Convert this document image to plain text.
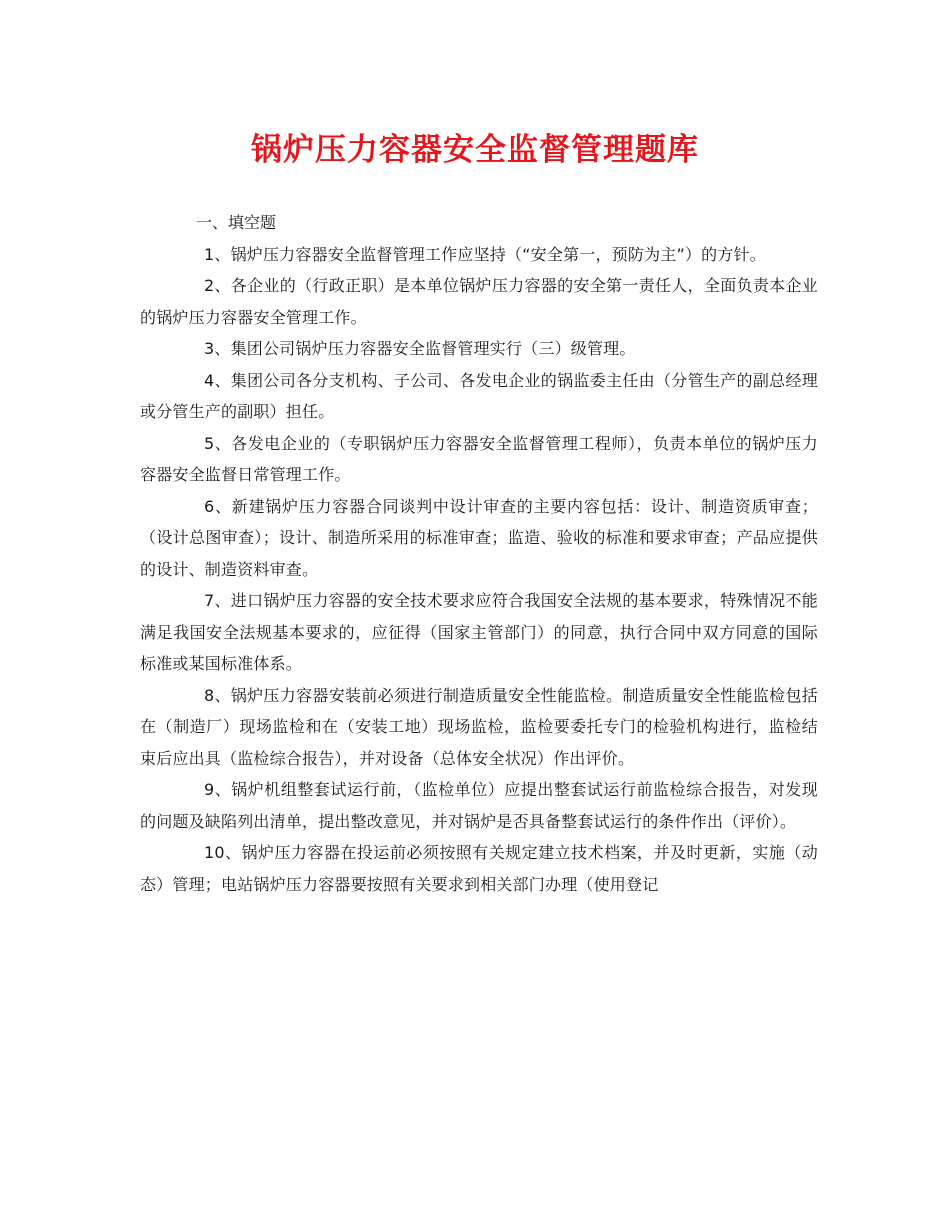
锅炉压力容器安全监督管理题库

一、填空题

1、锅炉压力容器安全监督管理工作应坚持（“安全第一，预防为主”）的方针。

2、各企业的（行政正职）是本单位锅炉压力容器的安全第一责任人，全面负责本企业的锅炉压力容器安全管理工作。

3、集团公司锅炉压力容器安全监督管理实行（三）级管理。

4、集团公司各分支机构、子公司、各发电企业的锅监委主任由（分管生产的副总经理或分管生产的副职）担任。

5、各发电企业的（专职锅炉压力容器安全监督管理工程师），负责本单位的锅炉压力容器安全监督日常管理工作。

6、新建锅炉压力容器合同谈判中设计审查的主要内容包括：设计、制造资质审查；（设计总图审查）；设计、制造所采用的标准审查；监造、验收的标准和要求审查；产品应提供的设计、制造资料审查。

7、进口锅炉压力容器的安全技术要求应符合我国安全法规的基本要求，特殊情况不能满足我国安全法规基本要求的，应征得（国家主管部门）的同意，执行合同中双方同意的国际标准或某国标准体系。

8、锅炉压力容器安装前必须进行制造质量安全性能监检。制造质量安全性能监检包括在（制造厂）现场监检和在（安装工地）现场监检，监检要委托专门的检验机构进行，监检结束后应出具（监检综合报告），并对设备（总体安全状况）作出评价。

9、锅炉机组整套试运行前，（监检单位）应提出整套试运行前监检综合报告，对发现的问题及缺陷列出清单，提出整改意见，并对锅炉是否具备整套试运行的条件作出（评价）。

10、锅炉压力容器在投运前必须按照有关规定建立技术档案，并及时更新，实施（动态）管理；电站锅炉压力容器要按照有关要求到相关部门办理（使用登记
